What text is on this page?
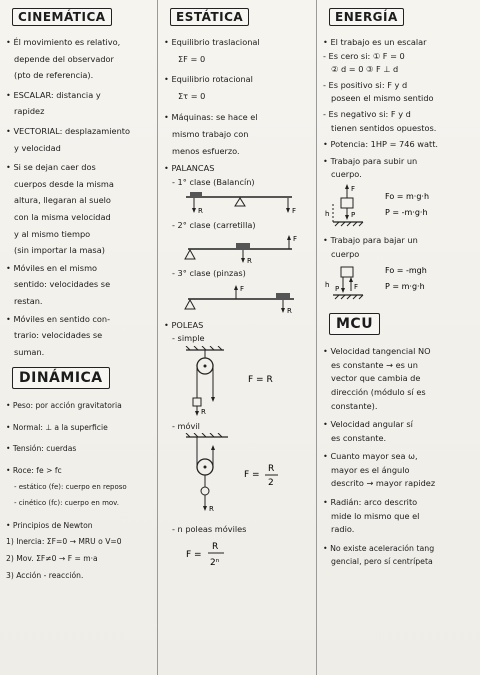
CINEMÁTICA
• Él movimiento es relativo,
depende del observador
(pto de referencia).
• ESCALAR: distancia y
rapidez
• VECTORIAL: desplazamiento
y velocidad
• Si se dejan caer dos
cuerpos desde la misma
altura, llegaran al suelo
con la misma velocidad
y al mismo tiempo
(sin importar la masa)
• Móviles en el mismo
sentido: velocidades se
restan.
• Móviles en sentido con-
trario: velocidades se
suman.
DINÁMICA
• Peso: por acción gravitatoria
• Normal: ⊥ a la superficie
• Tensión: cuerdas
• Roce: fe > fc
- estático (fe): cuerpo en reposo
- cinético (fc): cuerpo en mov.
• Principios de Newton
1) Inercia: ΣF=0 → MRU o V=0
2) Mov. ΣF≠0 → F = m·a
3) Acción - reacción.
ESTÁTICA
• Equilibrio traslacional
ΣF = 0
• Equilibrio rotacional
Στ = 0
• Máquinas: se hace el
mismo trabajo con
menos esfuerzo.
• PALANCAS
- 1° clase (Balancín)
R	F
- 2° clase (carretilla)
R
F
- 3° clase (pinzas)
F
R
• POLEAS
- simple
R
F = R
- móvil
R
F =
R
2
- n poleas móviles
F =
R
2ⁿ
ENERGÍA
• El trabajo es un escalar
- Es cero si: ① F = 0
② d = 0 ③ F ⊥ d
- Es positivo si: F y d
poseen el mismo sentido
- Es negativo si: F y d
tienen sentidos opuestos.
• Potencia: 1HP = 746 watt.
• Trabajo para subir un
cuerpo.
F
P
h
Fo = m·g·h
P = -m·g·h
• Trabajo para bajar un
cuerpo
P F
h
Fo = -mgh
P = m·g·h
MCU
• Velocidad tangencial NO
es constante → es un
vector que cambia de
dirección (módulo sí es
constante).
• Velocidad angular sí
es constante.
• Cuanto mayor sea ω,
mayor es el ángulo
descrito → mayor rapidez
• Radián: arco descrito
mide lo mismo que el
radio.
• No existe aceleración tang
gencial, pero sí centrípeta
